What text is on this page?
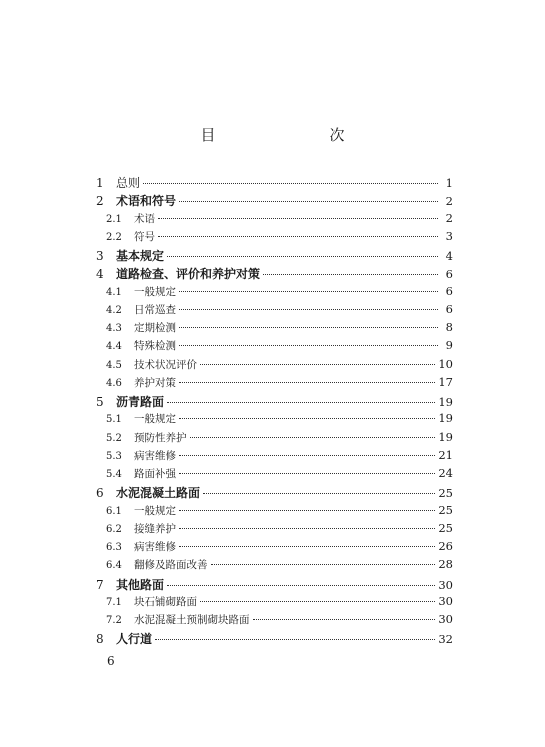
目　　次
1	总则	1
2	术语和符号	2
2.1	术语	2
2.2	符号	3
3	基本规定	4
4	道路检查、评价和养护对策	6
4.1	一般规定	6
4.2	日常巡查	6
4.3	定期检测	8
4.4	特殊检测	9
4.5	技术状况评价	10
4.6	养护对策	17
5	沥青路面	19
5.1	一般规定	19
5.2	预防性养护	19
5.3	病害维修	21
5.4	路面补强	24
6	水泥混凝土路面	25
6.1	一般规定	25
6.2	接缝养护	25
6.3	病害维修	26
6.4	翻修及路面改善	28
7	其他路面	30
7.1	块石铺砌路面	30
7.2	水泥混凝土预制砌块路面	30
8	人行道	32
6
